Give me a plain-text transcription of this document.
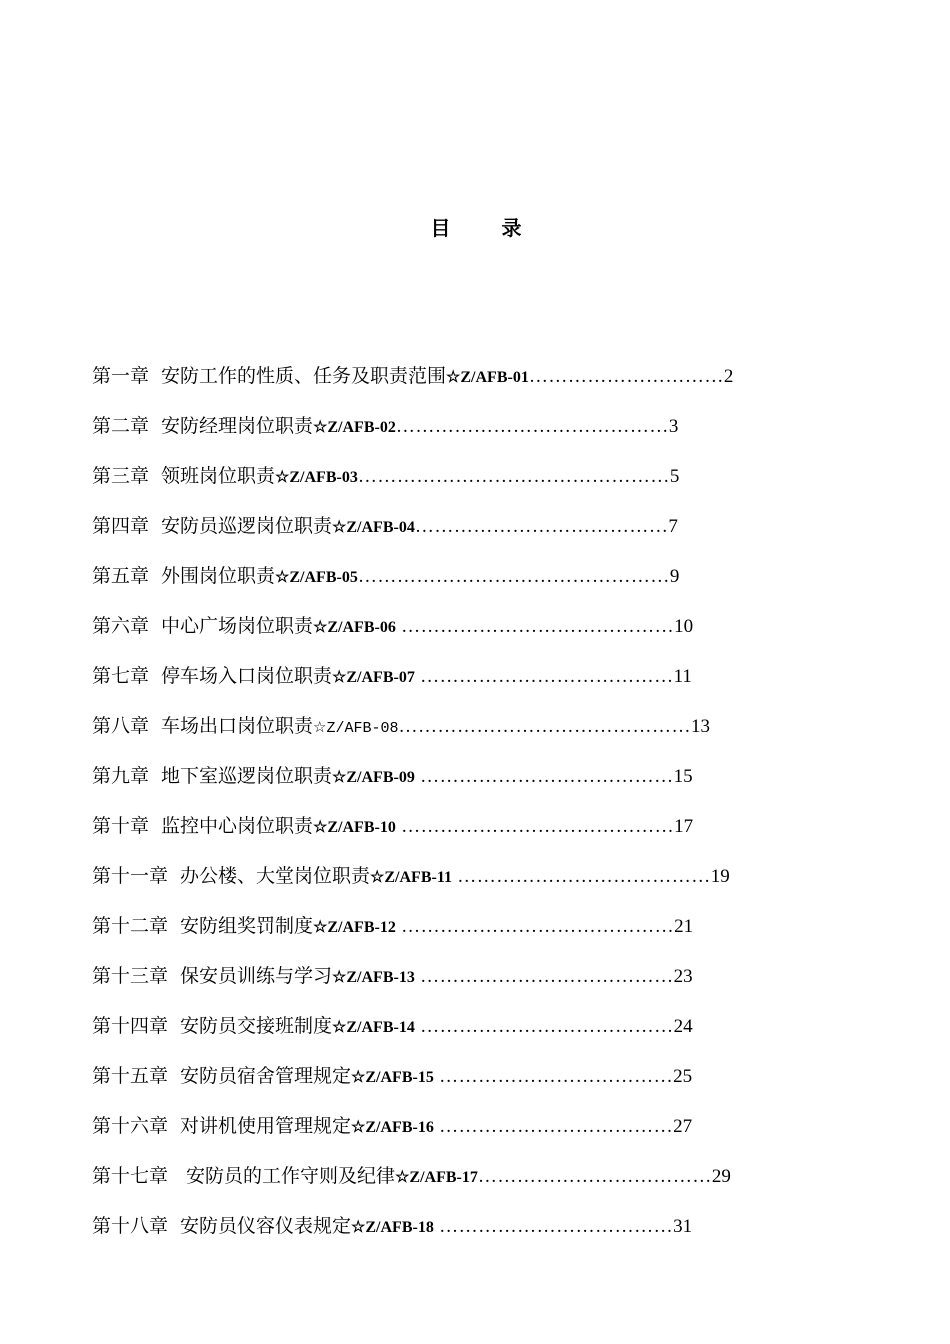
目 录
第一章 安防工作的性质、任务及职责范围☆Z/AFB-01…………………………2
第二章 安防经理岗位职责☆Z/AFB-02……………………………………3
第三章 领班岗位职责☆Z/AFB-03…………………………………………5
第四章 安防员巡逻岗位职责☆Z/AFB-04…………………………………7
第五章 外围岗位职责☆Z/AFB-05…………………………………………9
第六章 中心广场岗位职责☆Z/AFB-06 ……………………………………10
第七章 停车场入口岗位职责☆Z/AFB-07 …………………………………11
第八章 车场出口岗位职责☆Z/AFB-08………………………………………13
第九章 地下室巡逻岗位职责☆Z/AFB-09 …………………………………15
第十章 监控中心岗位职责☆Z/AFB-10 ……………………………………17
第十一章 办公楼、大堂岗位职责☆Z/AFB-11 …………………………………19
第十二章 安防组奖罚制度☆Z/AFB-12 ……………………………………21
第十三章 保安员训练与学习☆Z/AFB-13 …………………………………23
第十四章 安防员交接班制度☆Z/AFB-14 …………………………………24
第十五章 安防员宿舍管理规定☆Z/AFB-15 ………………………………25
第十六章 对讲机使用管理规定☆Z/AFB-16 ………………………………27
第十七章 安防员的工作守则及纪律☆Z/AFB-17………………………………29
第十八章 安防员仪容仪表规定☆Z/AFB-18 ………………………………31
